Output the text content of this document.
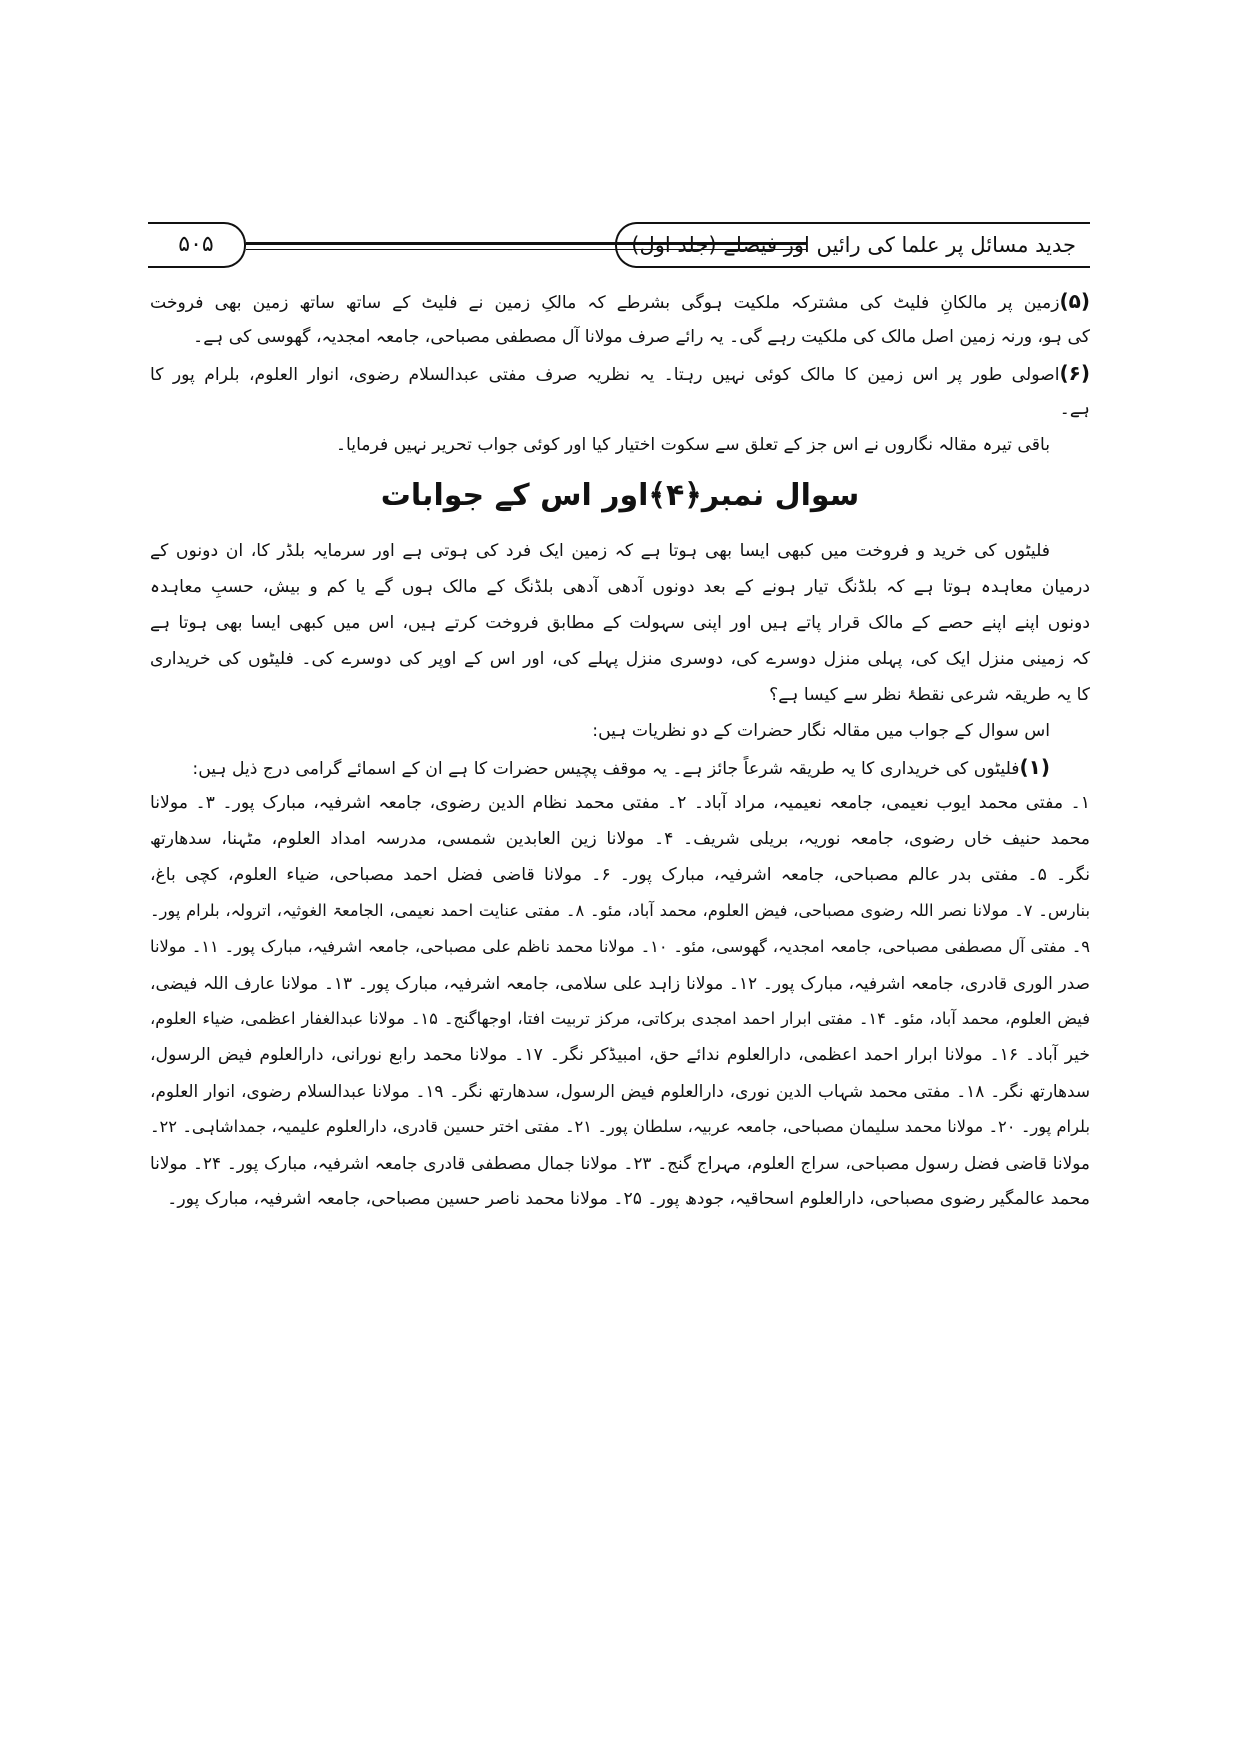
۵۰۵	جدید مسائل پر علما کی رائیں اور فیصلے (جلد اول)
(۵)زمین پر مالکانِ فلیٹ کی مشترکہ ملکیت ہوگی بشرطے کہ مالکِ زمین نے فلیٹ کے ساتھ ساتھ زمین بھی فروخت
کی ہو، ورنہ زمین اصل مالک کی ملکیت رہے گی۔ یہ رائے صرف مولانا آل مصطفی مصباحی، جامعہ امجدیہ، گھوسی کی ہے۔
(۶)اصولی طور پر اس زمین کا مالک کوئی نہیں رہتا۔ یہ نظریہ صرف مفتی عبدالسلام رضوی، انوار العلوم، بلرام پور کا
ہے۔
باقی تیرہ مقالہ نگاروں نے اس جز کے تعلق سے سکوت اختیار کیا اور کوئی جواب تحریر نہیں فرمایا۔
سوال نمبر﴿۴﴾اور اس کے جوابات
فلیٹوں کی خرید و فروخت میں کبھی ایسا بھی ہوتا ہے کہ زمین ایک فرد کی ہوتی ہے اور سرمایہ بلڈر کا، ان دونوں کے
درمیان معاہدہ ہوتا ہے کہ بلڈنگ تیار ہونے کے بعد دونوں آدھی آدھی بلڈنگ کے مالک ہوں گے یا کم و بیش، حسبِ معاہدہ
دونوں اپنے اپنے حصے کے مالک قرار پاتے ہیں اور اپنی سہولت کے مطابق فروخت کرتے ہیں، اس میں کبھی ایسا بھی ہوتا ہے
کہ زمینی منزل ایک کی، پہلی منزل دوسرے کی، دوسری منزل پہلے کی، اور اس کے اوپر کی دوسرے کی۔ فلیٹوں کی خریداری
کا یہ طریقہ شرعی نقطۂ نظر سے کیسا ہے؟
اس سوال کے جواب میں مقالہ نگار حضرات کے دو نظریات ہیں:
(۱)فلیٹوں کی خریداری کا یہ طریقہ شرعاً جائز ہے۔ یہ موقف پچیس حضرات کا ہے ان کے اسمائے گرامی درج ذیل ہیں:
۱۔ مفتی محمد ایوب نعیمی، جامعہ نعیمیہ، مراد آباد۔ ۲۔ مفتی محمد نظام الدین رضوی، جامعہ اشرفیہ، مبارک پور۔ ۳۔ مولانا
محمد حنیف خاں رضوی، جامعہ نوریہ، بریلی شریف۔ ۴۔ مولانا زین العابدین شمسی، مدرسہ امداد العلوم، مٹہنا، سدھارتھ
نگر۔ ۵۔ مفتی بدر عالم مصباحی، جامعہ اشرفیہ، مبارک پور۔ ۶۔ مولانا قاضی فضل احمد مصباحی، ضیاء العلوم، کچی باغ،
بنارس۔ ۷۔ مولانا نصر اللہ رضوی مصباحی، فیض العلوم، محمد آباد، مئو۔ ۸۔ مفتی عنایت احمد نعیمی، الجامعۃ الغوثیہ، اترولہ، بلرام پور۔
۹۔ مفتی آل مصطفی مصباحی، جامعہ امجدیہ، گھوسی، مئو۔ ۱۰۔ مولانا محمد ناظم علی مصباحی، جامعہ اشرفیہ، مبارک پور۔ ۱۱۔ مولانا
صدر الوری قادری، جامعہ اشرفیہ، مبارک پور۔ ۱۲۔ مولانا زاہد علی سلامی، جامعہ اشرفیہ، مبارک پور۔ ۱۳۔ مولانا عارف اللہ فیضی،
فیض العلوم، محمد آباد، مئو۔ ۱۴۔ مفتی ابرار احمد امجدی برکاتی، مرکز تربیت افتا، اوجھاگنج۔ ۱۵۔ مولانا عبدالغفار اعظمی، ضیاء العلوم،
خیر آباد۔ ۱۶۔ مولانا ابرار احمد اعظمی، دارالعلوم ندائے حق، امبیڈکر نگر۔ ۱۷۔ مولانا محمد رابع نورانی، دارالعلوم فیض الرسول،
سدھارتھ نگر۔ ۱۸۔ مفتی محمد شہاب الدین نوری، دارالعلوم فیض الرسول، سدھارتھ نگر۔ ۱۹۔ مولانا عبدالسلام رضوی، انوار العلوم،
بلرام پور۔ ۲۰۔ مولانا محمد سلیمان مصباحی، جامعہ عربیہ، سلطان پور۔ ۲۱۔ مفتی اختر حسین قادری، دارالعلوم علیمیہ، جمداشاہی۔ ۲۲۔
مولانا قاضی فضل رسول مصباحی، سراج العلوم، مہراج گنج۔ ۲۳۔ مولانا جمال مصطفی قادری جامعہ اشرفیہ، مبارک پور۔ ۲۴۔ مولانا
محمد عالمگیر رضوی مصباحی، دارالعلوم اسحاقیہ، جودھ پور۔ ۲۵۔ مولانا محمد ناصر حسین مصباحی، جامعہ اشرفیہ، مبارک پور۔
